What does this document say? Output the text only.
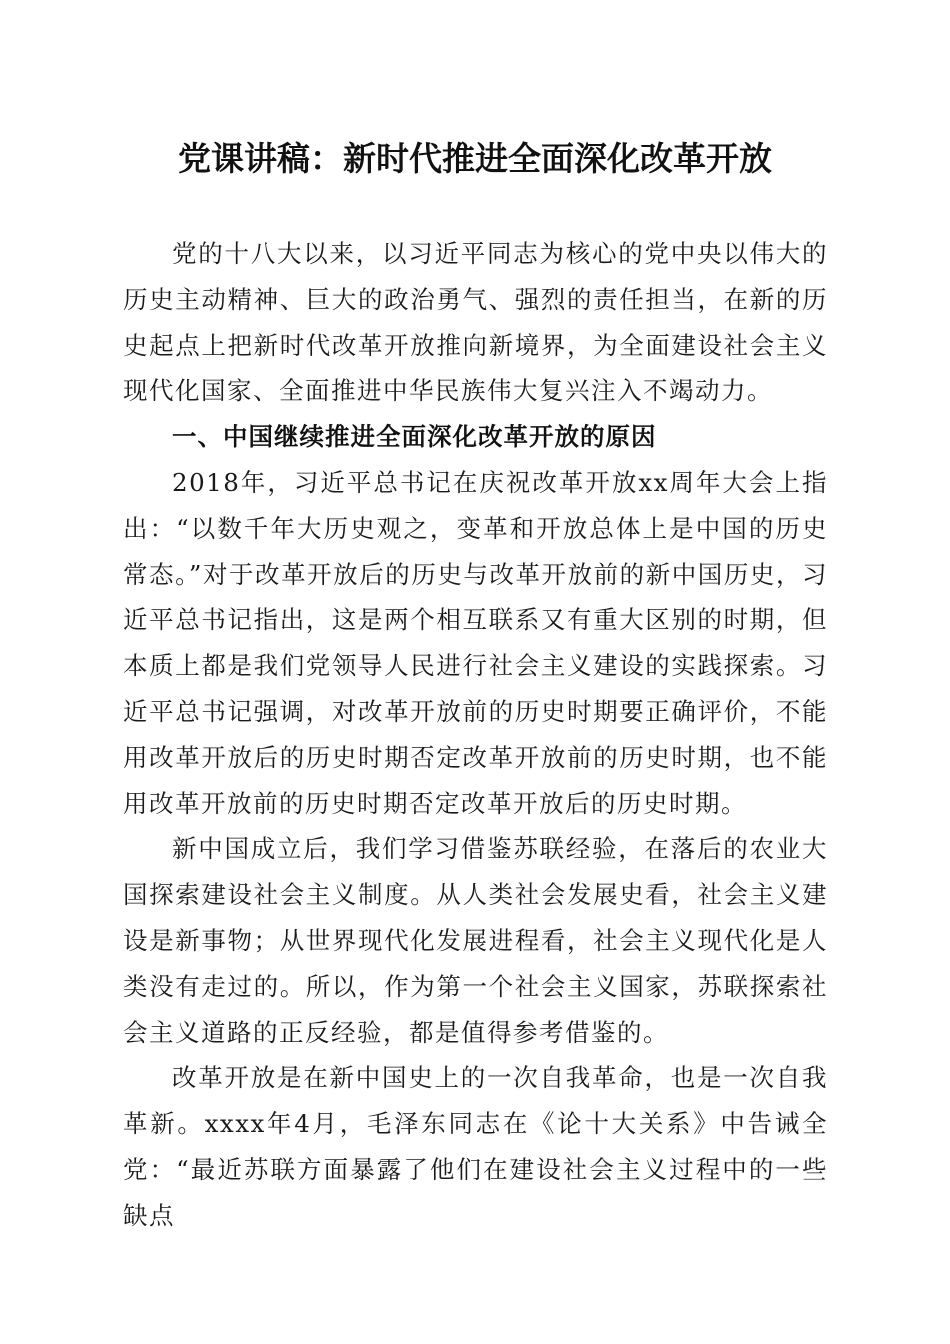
党课讲稿：新时代推进全面深化改革开放

党的十八大以来，以习近平同志为核心的党中央以伟大的历史主动精神、巨大的政治勇气、强烈的责任担当，在新的历史起点上把新时代改革开放推向新境界，为全面建设社会主义现代化国家、全面推进中华民族伟大复兴注入不竭动力。

一、中国继续推进全面深化改革开放的原因

2018年，习近平总书记在庆祝改革开放xx周年大会上指出：“以数千年大历史观之，变革和开放总体上是中国的历史常态。”对于改革开放后的历史与改革开放前的新中国历史，习近平总书记指出，这是两个相互联系又有重大区别的时期，但本质上都是我们党领导人民进行社会主义建设的实践探索。习近平总书记强调，对改革开放前的历史时期要正确评价，不能用改革开放后的历史时期否定改革开放前的历史时期，也不能用改革开放前的历史时期否定改革开放后的历史时期。

新中国成立后，我们学习借鉴苏联经验，在落后的农业大国探索建设社会主义制度。从人类社会发展史看，社会主义建设是新事物；从世界现代化发展进程看，社会主义现代化是人类没有走过的。所以，作为第一个社会主义国家，苏联探索社会主义道路的正反经验，都是值得参考借鉴的。

改革开放是在新中国史上的一次自我革命，也是一次自我革新。xxxx年4月，毛泽东同志在《论十大关系》中告诫全党：“最近苏联方面暴露了他们在建设社会主义过程中的一些缺点
